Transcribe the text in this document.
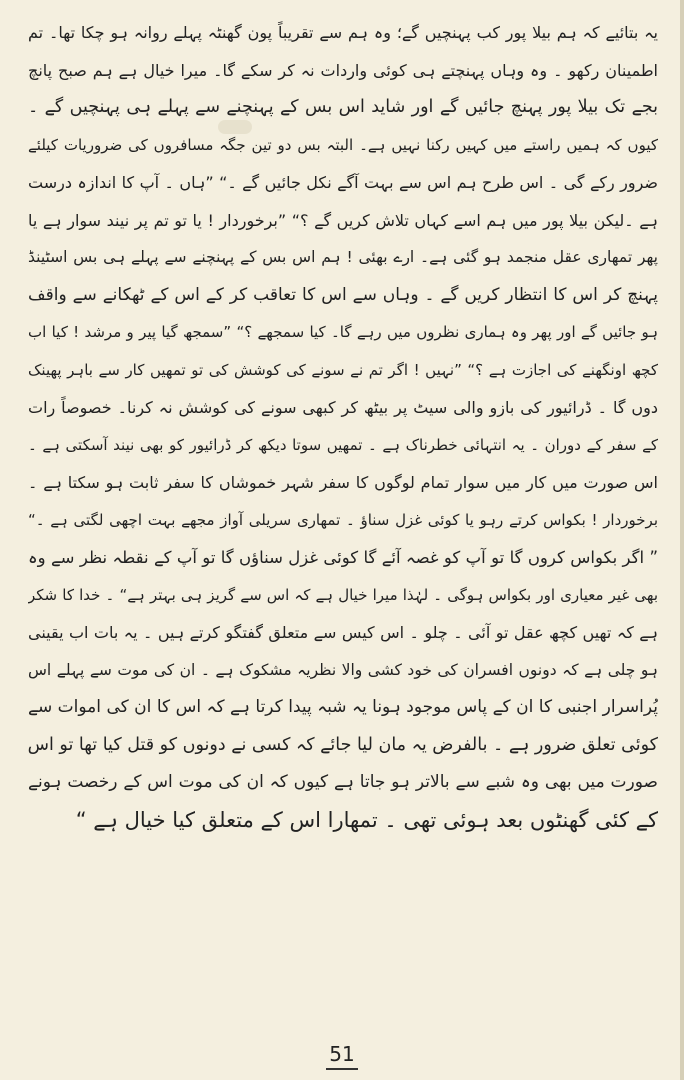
یہ بتائیے کہ ہم بیلا پور کب پہنچیں گے؛ وہ ہم سے تقریباً پون گھنٹہ پہلے روانہ ہو چکا تھا۔ تم
اطمینان رکھو ۔ وہ وہاں پہنچتے ہی کوئی واردات نہ کر سکے گا۔ میرا خیال ہے ہم صبح پانچ
بجے تک بیلا پور پہنچ جائیں گے اور شاید اس بس کے پہنچنے سے پہلے ہی پہنچیں گے ۔
کیوں کہ ہمیں راستے میں کہیں رکنا نہیں ہے۔ البتہ بس دو تین جگہ مسافروں کی ضروریات کیلئے
ضرور رکے گی ۔ اس طرح ہم اس سے بہت آگے نکل جائیں گے ۔“ ”ہاں ۔ آپ کا اندازہ درست
ہے ۔لیکن بیلا پور میں ہم اسے کہاں تلاش کریں گے ؟“ ”برخوردار ! یا تو تم پر نیند سوار ہے یا
پھر تمھاری عقل منجمد ہو گئی ہے۔ ارے بھئی ! ہم اس بس کے پہنچنے سے پہلے ہی بس اسٹینڈ
پہنچ کر اس کا انتظار کریں گے ۔ وہاں سے اس کا تعاقب کر کے اس کے ٹھکانے سے واقف
ہو جائیں گے اور پھر وہ ہماری نظروں میں رہے گا۔ کیا سمجھے ؟“ ”سمجھ گیا پیر و مرشد ! کیا اب
کچھ اونگھنے کی اجازت ہے ؟“ ”نہیں ! اگر تم نے سونے کی کوشش کی تو تمھیں کار سے باہر پھینک
دوں گا ۔ ڈرائیور کی بازو والی سیٹ پر بیٹھ کر کبھی سونے کی کوشش نہ کرنا۔ خصوصاً رات
کے سفر کے دوران ۔ یہ انتہائی خطرناک ہے ۔ تمھیں سوتا دیکھ کر ڈرائیور کو بھی نیند آسکتی ہے ۔
اس صورت میں کار میں سوار تمام لوگوں کا سفر شہر خموشاں کا سفر ثابت ہو سکتا ہے ۔
برخوردار ! بکواس کرتے رہو یا کوئی غزل سناؤ ۔ تمھاری سریلی آواز مجھے بہت اچھی لگتی ہے ۔“
” اگر بکواس کروں گا تو آپ کو غصہ آئے گا کوئی غزل سناؤں گا تو آپ کے نقطہ نظر سے وہ
بھی غیر معیاری اور بکواس ہوگی ۔ لہٰذا میرا خیال ہے کہ اس سے گریز ہی بہتر ہے“ ۔ خدا کا شکر
ہے کہ تھیں کچھ عقل تو آئی ۔ چلو ۔ اس کیس سے متعلق گفتگو کرتے ہیں ۔ یہ بات اب یقینی
ہو چلی ہے کہ دونوں افسران کی خود کشی والا نظریہ مشکوک ہے ۔ ان کی موت سے پہلے اس
پُراسرار اجنبی کا ان کے پاس موجود ہونا یہ شبہ پیدا کرتا ہے کہ اس کا ان کی اموات سے
کوئی تعلق ضرور ہے ۔ بالفرض یہ مان لیا جائے کہ کسی نے دونوں کو قتل کیا تھا تو اس
صورت میں بھی وہ شبے سے بالاتر ہو جاتا ہے کیوں کہ ان کی موت اس کے رخصت ہونے
کے کئی گھنٹوں بعد ہوئی تھی ۔ تمھارا اس کے متعلق کیا خیال ہے “
51
